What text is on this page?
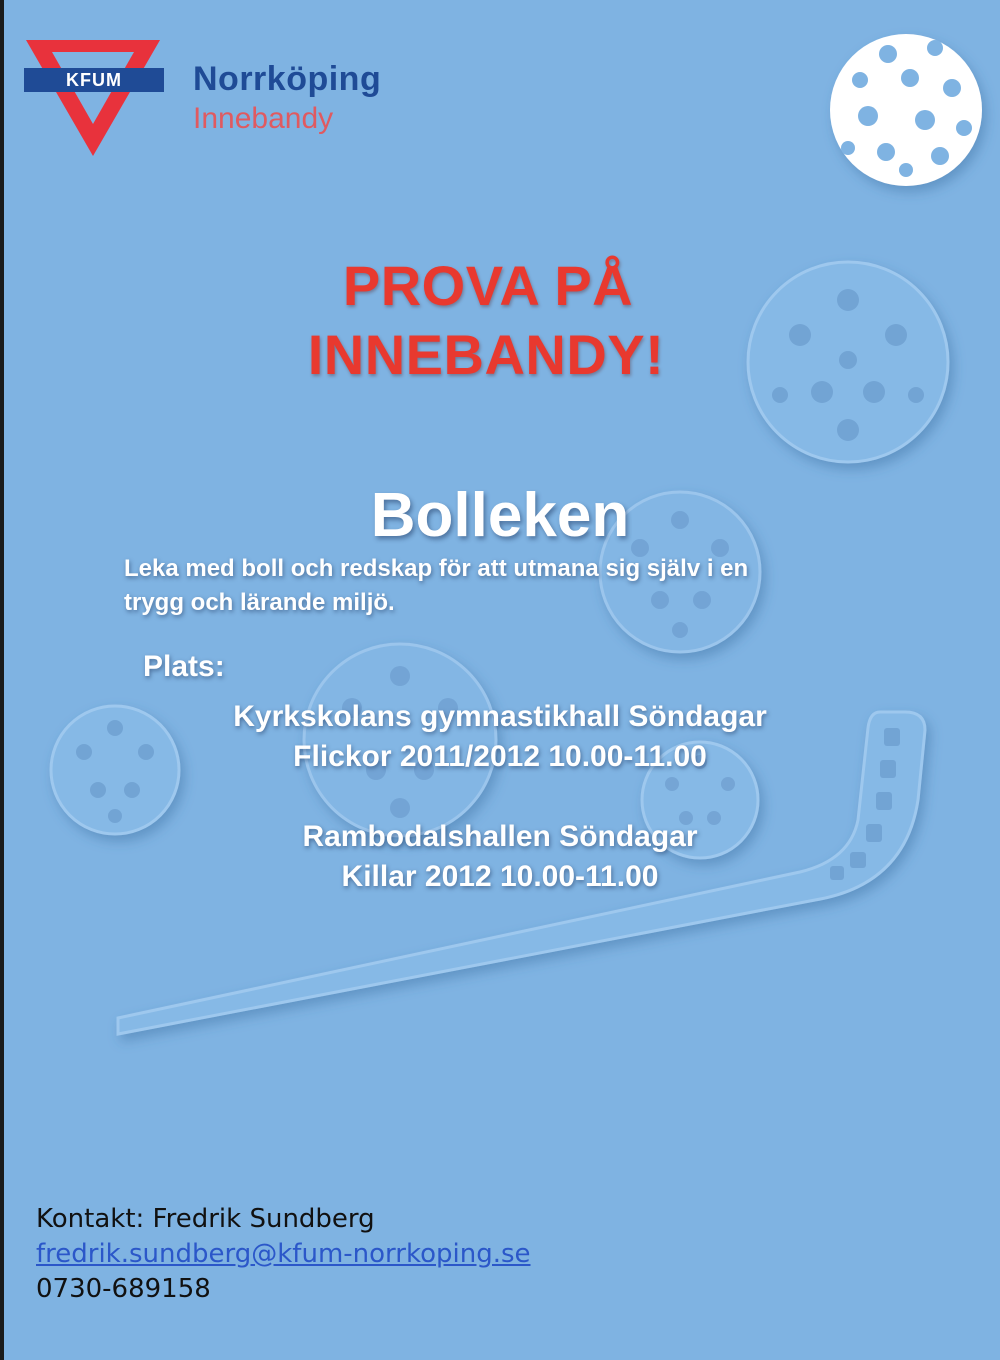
KFUM	Norrköping
Innebandy
PROVA PÅ
INNEBANDY!
Bolleken
Leka med boll och redskap för att utmana sig själv i en
trygg och lärande miljö.
Plats:
Kyrkskolans gymnastikhall Söndagar
Flickor 2011/2012 10.00-11.00
Rambodalshallen Söndagar
Killar 2012 10.00-11.00
Kontakt: Fredrik Sundberg
fredrik.sundberg@kfum-norrkoping.se
0730-689158
